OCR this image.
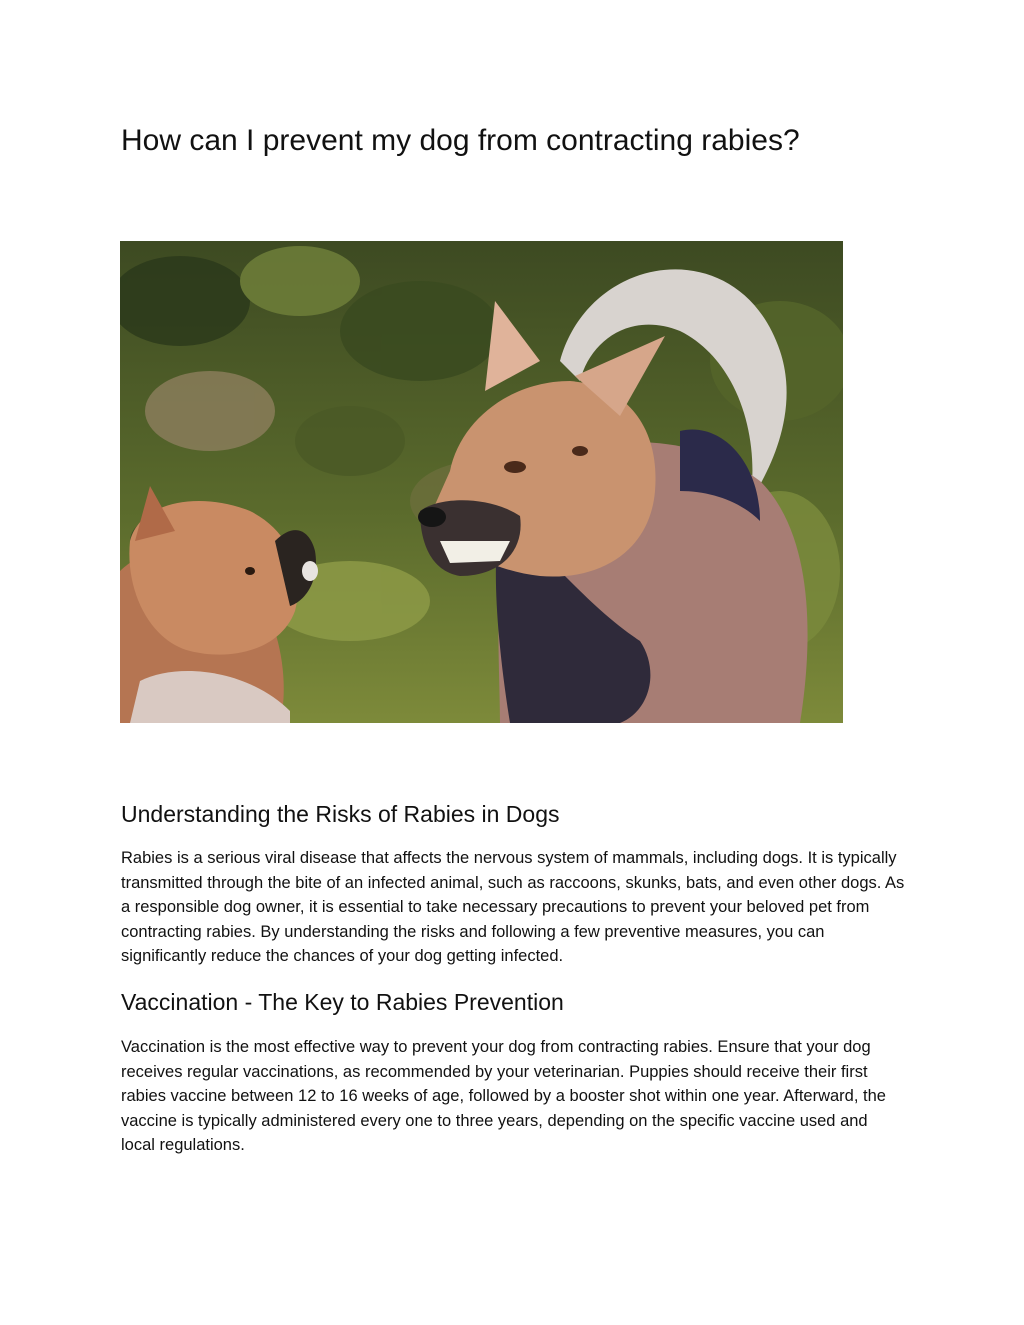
How can I prevent my dog from contracting rabies?
Understanding the Risks of Rabies in Dogs

Rabies is a serious viral disease that affects the nervous system of mammals, including dogs. It is typically transmitted through the bite of an infected animal, such as raccoons, skunks, bats, and even other dogs. As a responsible dog owner, it is essential to take necessary precautions to prevent your beloved pet from contracting rabies. By understanding the risks and following a few preventive measures, you can significantly reduce the chances of your dog getting infected.

Vaccination - The Key to Rabies Prevention

Vaccination is the most effective way to prevent your dog from contracting rabies. Ensure that your dog receives regular vaccinations, as recommended by your veterinarian. Puppies should receive their first rabies vaccine between 12 to 16 weeks of age, followed by a booster shot within one year. Afterward, the vaccine is typically administered every one to three years, depending on the specific vaccine used and local regulations.
